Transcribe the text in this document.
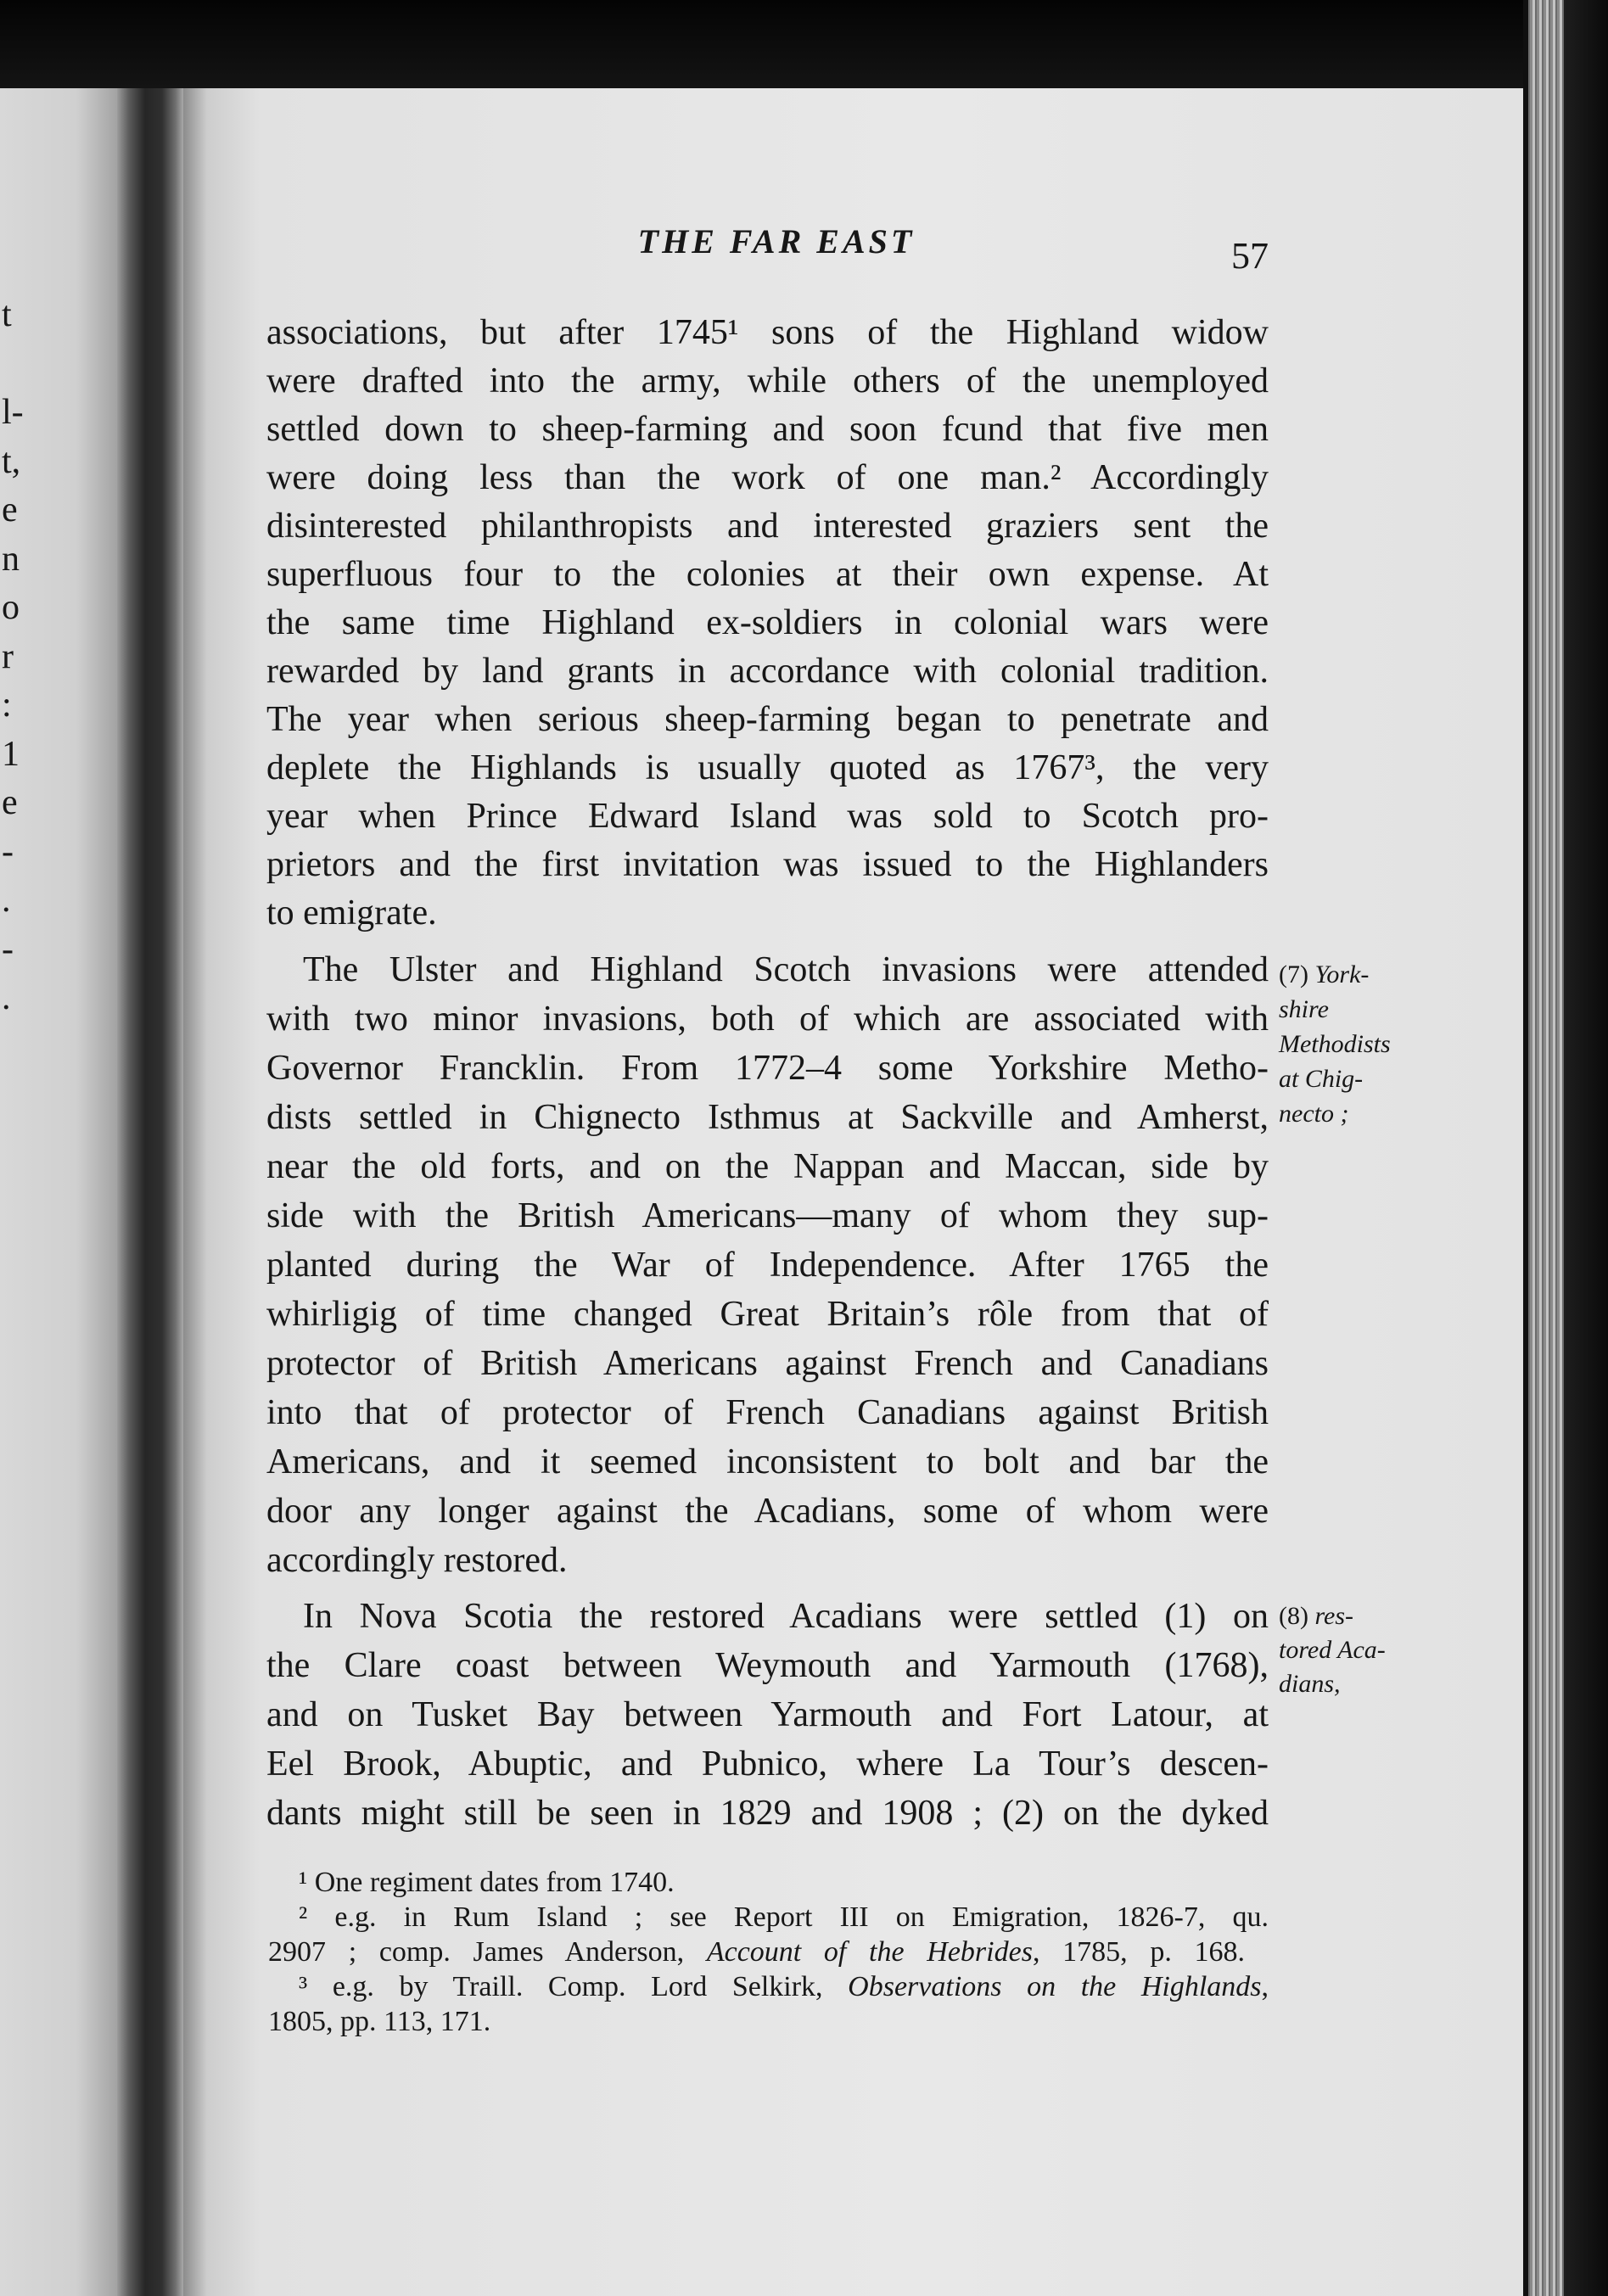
t
l-
t,
e
n
o
r
:
1
e
-
.
-
.
THE FAR EAST	57
associations, but after 1745¹ sons of the Highland widow
were drafted into the army, while others of the unemployed
settled down to sheep-farming and soon fcund that five men
were doing less than the work of one man.² Accordingly
disinterested philanthropists and interested graziers sent the
superfluous four to the colonies at their own expense. At
the same time Highland ex-soldiers in colonial wars were
rewarded by land grants in accordance with colonial tradition.
The year when serious sheep-farming began to penetrate and
deplete the Highlands is usually quoted as 1767³, the very
year when Prince Edward Island was sold to Scotch pro-
prietors and the first invitation was issued to the Highlanders
to emigrate.
The Ulster and Highland Scotch invasions were attended
with two minor invasions, both of which are associated with
Governor Francklin. From 1772–4 some Yorkshire Metho-
dists settled in Chignecto Isthmus at Sackville and Amherst,
near the old forts, and on the Nappan and Maccan, side by
side with the British Americans—many of whom they sup-
planted during the War of Independence. After 1765 the
whirligig of time changed Great Britain’s rôle from that of
protector of British Americans against French and Canadians
into that of protector of French Canadians against British
Americans, and it seemed inconsistent to bolt and bar the
door any longer against the Acadians, some of whom were
accordingly restored.
In Nova Scotia the restored Acadians were settled (1) on
the Clare coast between Weymouth and Yarmouth (1768),
and on Tusket Bay between Yarmouth and Fort Latour, at
Eel Brook, Abuptic, and Pubnico, where La Tour’s descen-
dants might still be seen in 1829 and 1908 ; (2) on the dyked
(7) York-
shire
Methodists
at Chig-
necto ;
(8) res-
tored Aca-
dians,
¹ One regiment dates from 1740.
² e.g. in Rum Island ; see Report III on Emigration, 1826-7, qu.
2907 ; comp. James Anderson, Account of the Hebrides, 1785, p. 168.
³ e.g. by Traill. Comp. Lord Selkirk, Observations on the Highlands,
1805, pp. 113, 171.
